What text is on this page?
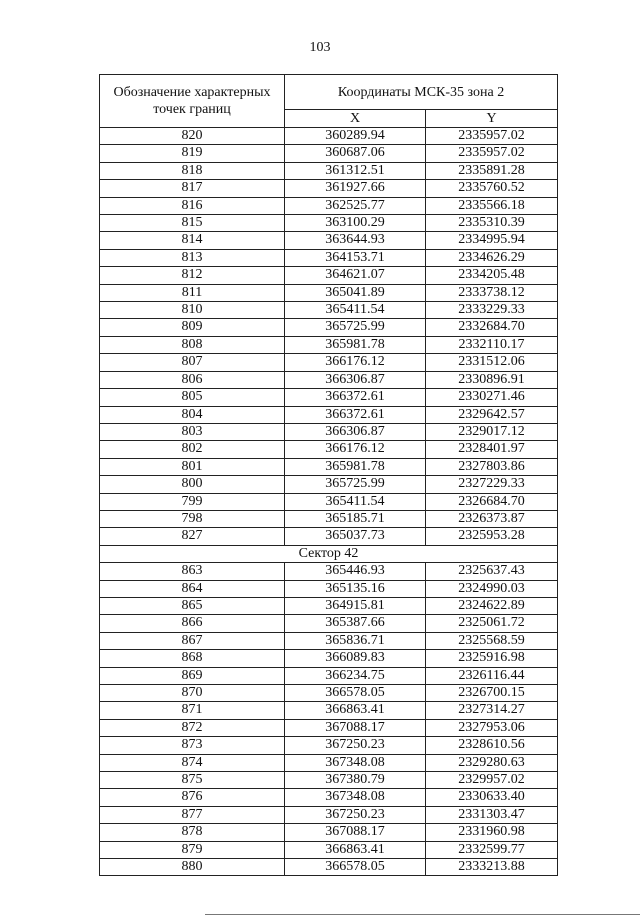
103
Обозначение характерных точек границ	Координаты МСК-35 зона 2	
	X	Y
820	360289.94	2335957.02
819	360687.06	2335957.02
818	361312.51	2335891.28
817	361927.66	2335760.52
816	362525.77	2335566.18
815	363100.29	2335310.39
814	363644.93	2334995.94
813	364153.71	2334626.29
812	364621.07	2334205.48
811	365041.89	2333738.12
810	365411.54	2333229.33
809	365725.99	2332684.70
808	365981.78	2332110.17
807	366176.12	2331512.06
806	366306.87	2330896.91
805	366372.61	2330271.46
804	366372.61	2329642.57
803	366306.87	2329017.12
802	366176.12	2328401.97
801	365981.78	2327803.86
800	365725.99	2327229.33
799	365411.54	2326684.70
798	365185.71	2326373.87
827	365037.73	2325953.28
Сектор 42		
863	365446.93	2325637.43
864	365135.16	2324990.03
865	364915.81	2324622.89
866	365387.66	2325061.72
867	365836.71	2325568.59
868	366089.83	2325916.98
869	366234.75	2326116.44
870	366578.05	2326700.15
871	366863.41	2327314.27
872	367088.17	2327953.06
873	367250.23	2328610.56
874	367348.08	2329280.63
875	367380.79	2329957.02
876	367348.08	2330633.40
877	367250.23	2331303.47
878	367088.17	2331960.98
879	366863.41	2332599.77
880	366578.05	2333213.88
